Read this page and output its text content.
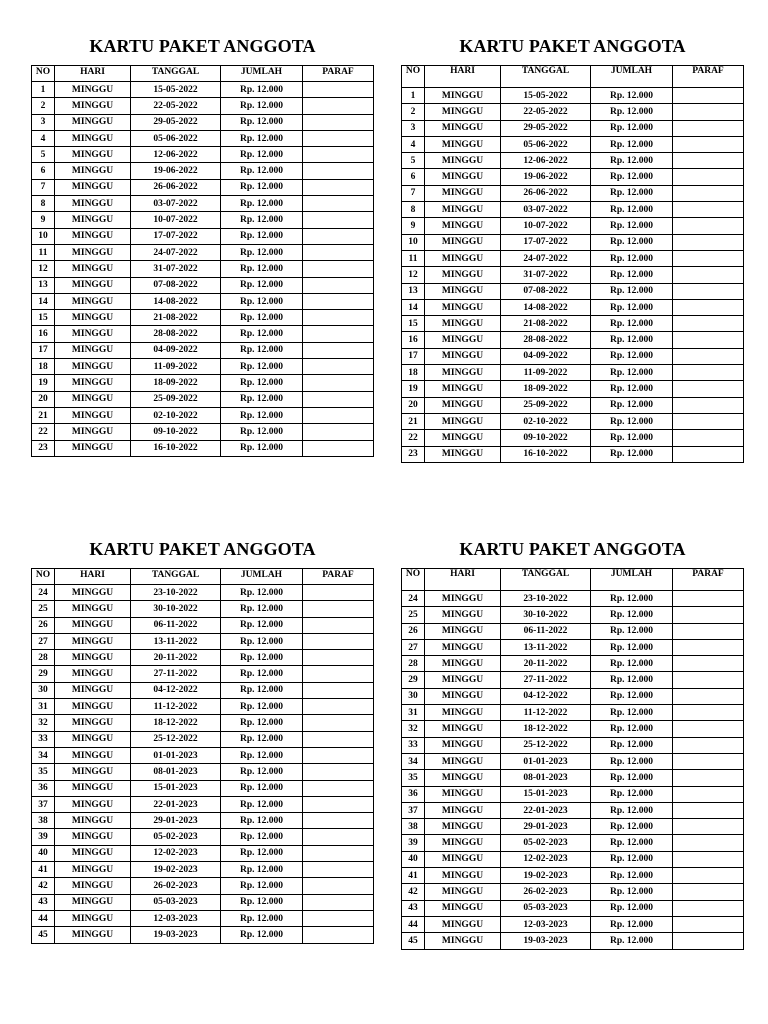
KARTU PAKET ANGGOTA
NO	HARI	TANGGAL	JUMLAH	PARAF
1	MINGGU	15-05-2022	Rp. 12.000	
2	MINGGU	22-05-2022	Rp. 12.000	
3	MINGGU	29-05-2022	Rp. 12.000	
4	MINGGU	05-06-2022	Rp. 12.000	
5	MINGGU	12-06-2022	Rp. 12.000	
6	MINGGU	19-06-2022	Rp. 12.000	
7	MINGGU	26-06-2022	Rp. 12.000	
8	MINGGU	03-07-2022	Rp. 12.000	
9	MINGGU	10-07-2022	Rp. 12.000	
10	MINGGU	17-07-2022	Rp. 12.000	
11	MINGGU	24-07-2022	Rp. 12.000	
12	MINGGU	31-07-2022	Rp. 12.000	
13	MINGGU	07-08-2022	Rp. 12.000	
14	MINGGU	14-08-2022	Rp. 12.000	
15	MINGGU	21-08-2022	Rp. 12.000	
16	MINGGU	28-08-2022	Rp. 12.000	
17	MINGGU	04-09-2022	Rp. 12.000	
18	MINGGU	11-09-2022	Rp. 12.000	
19	MINGGU	18-09-2022	Rp. 12.000	
20	MINGGU	25-09-2022	Rp. 12.000	
21	MINGGU	02-10-2022	Rp. 12.000	
22	MINGGU	09-10-2022	Rp. 12.000	
23	MINGGU	16-10-2022	Rp. 12.000	
KARTU PAKET ANGGOTA
NO	HARI	TANGGAL	JUMLAH	PARAF
1	MINGGU	15-05-2022	Rp. 12.000	
2	MINGGU	22-05-2022	Rp. 12.000	
3	MINGGU	29-05-2022	Rp. 12.000	
4	MINGGU	05-06-2022	Rp. 12.000	
5	MINGGU	12-06-2022	Rp. 12.000	
6	MINGGU	19-06-2022	Rp. 12.000	
7	MINGGU	26-06-2022	Rp. 12.000	
8	MINGGU	03-07-2022	Rp. 12.000	
9	MINGGU	10-07-2022	Rp. 12.000	
10	MINGGU	17-07-2022	Rp. 12.000	
11	MINGGU	24-07-2022	Rp. 12.000	
12	MINGGU	31-07-2022	Rp. 12.000	
13	MINGGU	07-08-2022	Rp. 12.000	
14	MINGGU	14-08-2022	Rp. 12.000	
15	MINGGU	21-08-2022	Rp. 12.000	
16	MINGGU	28-08-2022	Rp. 12.000	
17	MINGGU	04-09-2022	Rp. 12.000	
18	MINGGU	11-09-2022	Rp. 12.000	
19	MINGGU	18-09-2022	Rp. 12.000	
20	MINGGU	25-09-2022	Rp. 12.000	
21	MINGGU	02-10-2022	Rp. 12.000	
22	MINGGU	09-10-2022	Rp. 12.000	
23	MINGGU	16-10-2022	Rp. 12.000	
KARTU PAKET ANGGOTA
NO	HARI	TANGGAL	JUMLAH	PARAF
24	MINGGU	23-10-2022	Rp. 12.000	
25	MINGGU	30-10-2022	Rp. 12.000	
26	MINGGU	06-11-2022	Rp. 12.000	
27	MINGGU	13-11-2022	Rp. 12.000	
28	MINGGU	20-11-2022	Rp. 12.000	
29	MINGGU	27-11-2022	Rp. 12.000	
30	MINGGU	04-12-2022	Rp. 12.000	
31	MINGGU	11-12-2022	Rp. 12.000	
32	MINGGU	18-12-2022	Rp. 12.000	
33	MINGGU	25-12-2022	Rp. 12.000	
34	MINGGU	01-01-2023	Rp. 12.000	
35	MINGGU	08-01-2023	Rp. 12.000	
36	MINGGU	15-01-2023	Rp. 12.000	
37	MINGGU	22-01-2023	Rp. 12.000	
38	MINGGU	29-01-2023	Rp. 12.000	
39	MINGGU	05-02-2023	Rp. 12.000	
40	MINGGU	12-02-2023	Rp. 12.000	
41	MINGGU	19-02-2023	Rp. 12.000	
42	MINGGU	26-02-2023	Rp. 12.000	
43	MINGGU	05-03-2023	Rp. 12.000	
44	MINGGU	12-03-2023	Rp. 12.000	
45	MINGGU	19-03-2023	Rp. 12.000	
KARTU PAKET ANGGOTA
NO	HARI	TANGGAL	JUMLAH	PARAF
24	MINGGU	23-10-2022	Rp. 12.000	
25	MINGGU	30-10-2022	Rp. 12.000	
26	MINGGU	06-11-2022	Rp. 12.000	
27	MINGGU	13-11-2022	Rp. 12.000	
28	MINGGU	20-11-2022	Rp. 12.000	
29	MINGGU	27-11-2022	Rp. 12.000	
30	MINGGU	04-12-2022	Rp. 12.000	
31	MINGGU	11-12-2022	Rp. 12.000	
32	MINGGU	18-12-2022	Rp. 12.000	
33	MINGGU	25-12-2022	Rp. 12.000	
34	MINGGU	01-01-2023	Rp. 12.000	
35	MINGGU	08-01-2023	Rp. 12.000	
36	MINGGU	15-01-2023	Rp. 12.000	
37	MINGGU	22-01-2023	Rp. 12.000	
38	MINGGU	29-01-2023	Rp. 12.000	
39	MINGGU	05-02-2023	Rp. 12.000	
40	MINGGU	12-02-2023	Rp. 12.000	
41	MINGGU	19-02-2023	Rp. 12.000	
42	MINGGU	26-02-2023	Rp. 12.000	
43	MINGGU	05-03-2023	Rp. 12.000	
44	MINGGU	12-03-2023	Rp. 12.000	
45	MINGGU	19-03-2023	Rp. 12.000	
